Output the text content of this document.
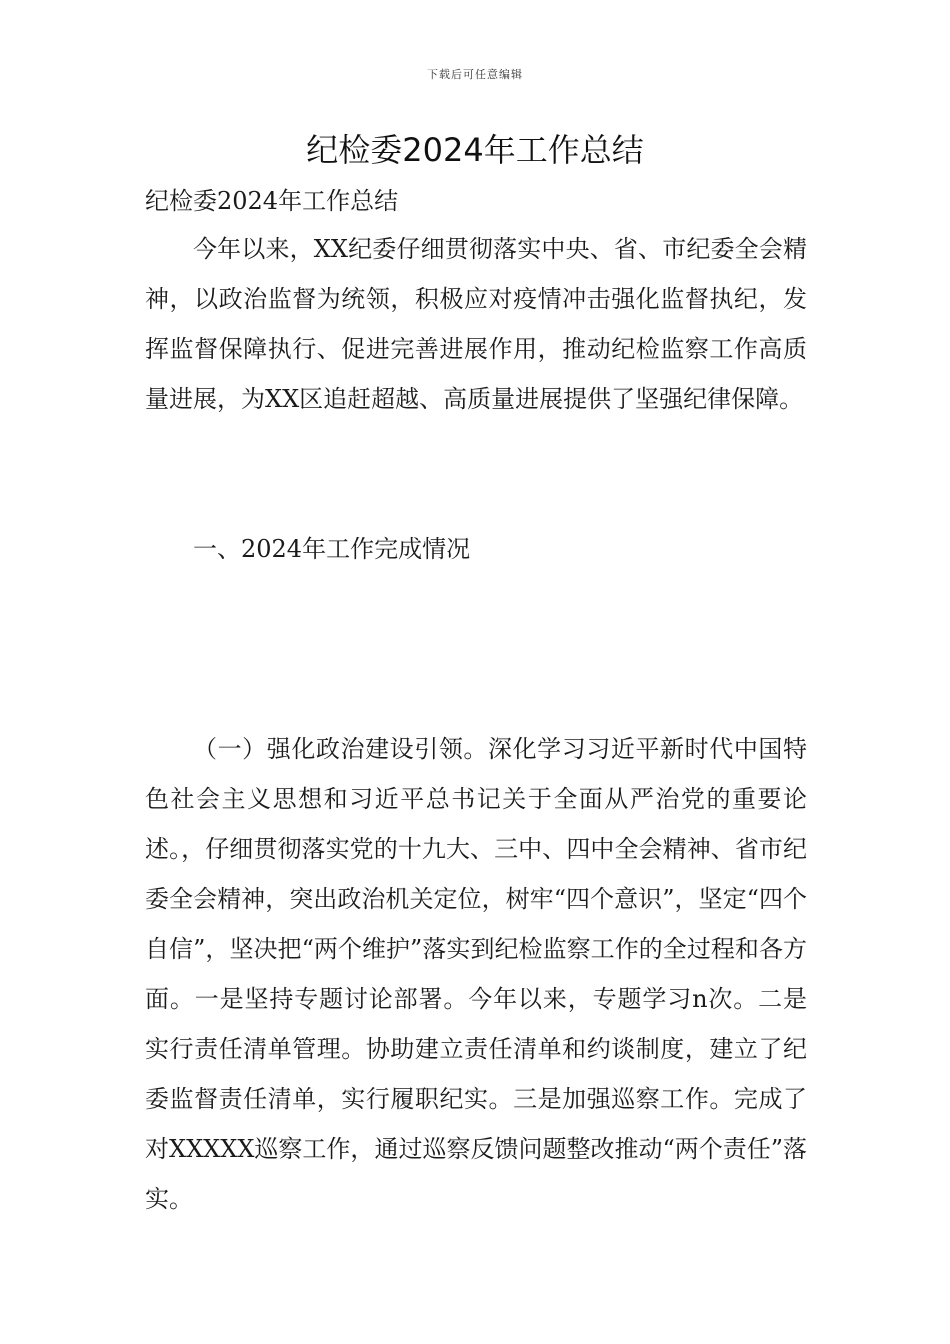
下载后可任意编辑
纪检委2024年工作总结

纪检委2024年工作总结

今年以来，XX纪委仔细贯彻落实中央、省、市纪委全会精神，以政治监督为统领，积极应对疫情冲击强化监督执纪，发挥监督保障执行、促进完善进展作用，推动纪检监察工作高质量进展，为XX区追赶超越、高质量进展提供了坚强纪律保障。

一、2024年工作完成情况

（一）强化政治建设引领。深化学习习近平新时代中国特色社会主义思想和习近平总书记关于全面从严治党的重要论述。，仔细贯彻落实党的十九大、三中、四中全会精神、省市纪委全会精神，突出政治机关定位，树牢“四个意识”，坚定“四个自信”，坚决把“两个维护”落实到纪检监察工作的全过程和各方面。一是坚持专题讨论部署。今年以来，专题学习n次。二是实行责任清单管理。协助建立责任清单和约谈制度，建立了纪委监督责任清单，实行履职纪实。三是加强巡察工作。完成了对XXXXX巡察工作，通过巡察反馈问题整改推动“两个责任”落实。
